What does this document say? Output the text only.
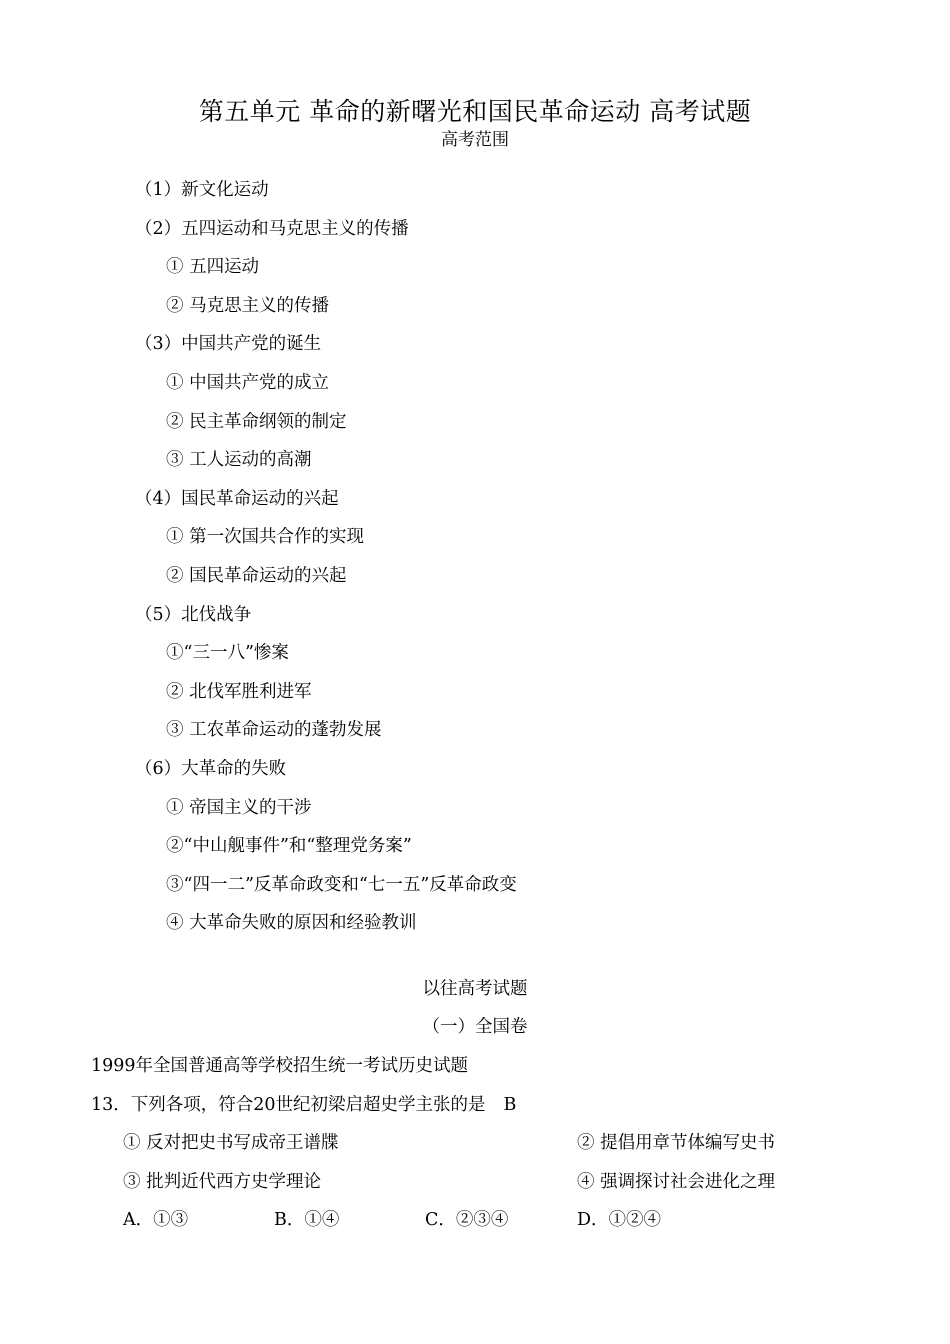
第五单元 革命的新曙光和国民革命运动 高考试题
高考范围
（1）新文化运动
（2）五四运动和马克思主义的传播
① 五四运动
② 马克思主义的传播
（3）中国共产党的诞生
① 中国共产党的成立
② 民主革命纲领的制定
③ 工人运动的高潮
（4）国民革命运动的兴起
① 第一次国共合作的实现
② 国民革命运动的兴起
（5）北伐战争
①“三一八”惨案
② 北伐军胜利进军
③ 工农革命运动的蓬勃发展
（6）大革命的失败
① 帝国主义的干涉
②“中山舰事件”和“整理党务案”
③“四一二”反革命政变和“七一五”反革命政变
④ 大革命失败的原因和经验教训
以往高考试题
（一）全国卷
1999年全国普通高等学校招生统一考试历史试题
13．下列各项，符合20世纪初梁启超史学主张的是 B
① 反对把史书写成帝王谱牒	② 提倡用章节体编写史书
③ 批判近代西方史学理论	④ 强调探讨社会进化之理
A．①③	B．①④	C．②③④	D．①②④
